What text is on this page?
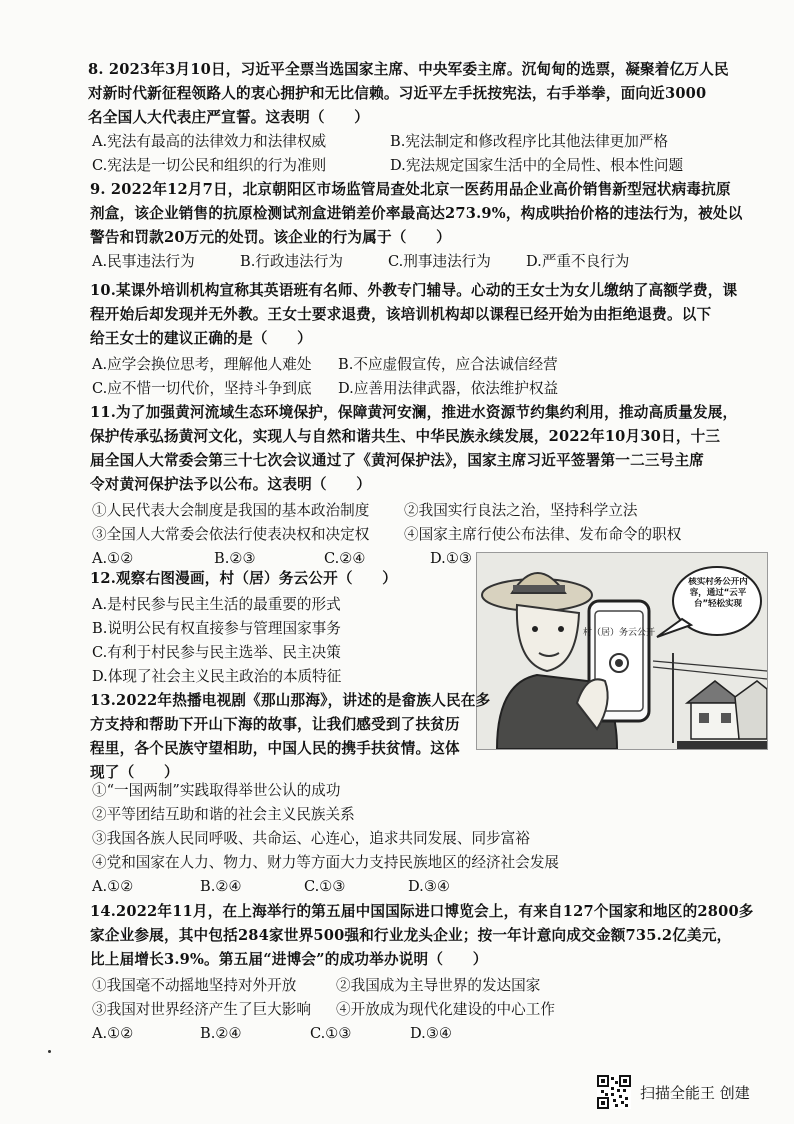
8. 2023年3月10日，习近平全票当选国家主席、中央军委主席。沉甸甸的选票，凝聚着亿万人民
对新时代新征程领路人的衷心拥护和无比信赖。习近平左手抚按宪法，右手举拳，面向近3000
名全国人大代表庄严宣誓。这表明（　　）
A.宪法有最高的法律效力和法律权威	B.宪法制定和修改程序比其他法律更加严格
C.宪法是一切公民和组织的行为准则	D.宪法规定国家生活中的全局性、根本性问题
9. 2022年12月7日，北京朝阳区市场监管局查处北京一医药用品企业高价销售新型冠状病毒抗原
剂盒，该企业销售的抗原检测试剂盒进销差价率最高达273.9%，构成哄抬价格的违法行为，被处以
警告和罚款20万元的处罚。该企业的行为属于（　　）
A.民事违法行为	B.行政违法行为	C.刑事违法行为 D.严重不良行为
10.某课外培训机构宣称其英语班有名师、外教专门辅导。心动的王女士为女儿缴纳了高额学费，课
程开始后却发现并无外教。王女士要求退费，该培训机构却以课程已经开始为由拒绝退费。以下
给王女士的建议正确的是（　　）
A.应学会换位思考，理解他人难处 B.不应虚假宣传，应合法诚信经营
C.应不惜一切代价，坚持斗争到底 D.应善用法律武器，依法维护权益
11.为了加强黄河流域生态环境保护，保障黄河安澜，推进水资源节约集约利用，推动高质量发展，
保护传承弘扬黄河文化，实现人与自然和谐共生、中华民族永续发展，2022年10月30日，十三
届全国人大常委会第三十七次会议通过了《黄河保护法》，国家主席习近平签署第一二三号主席
令对黄河保护法予以公布。这表明（　　）
①人民代表大会制度是我国的基本政治制度 ②我国实行良法之治，坚持科学立法
③全国人大常委会依法行使表决权和决定权 ④国家主席行使公布法律、发布命令的职权
A.①②	B.②③	C.②④	D.①③
12.观察右图漫画，村（居）务云公开（　　）
A.是村民参与民主生活的最重要的形式
B.说明公民有权直接参与管理国家事务
C.有利于村民参与民主选举、民主决策
D.体现了社会主义民主政治的本质特征
村（居）务云公开
核实村务公开内容，通过“云平台”轻松实现
13.2022年热播电视剧《那山那海》，讲述的是畲族人民在多
方支持和帮助下开山下海的故事，让我们感受到了扶贫历
程里，各个民族守望相助，中国人民的携手扶贫情。这体
现了（　　）
①“一国两制”实践取得举世公认的成功
②平等团结互助和谐的社会主义民族关系
③我国各族人民同呼吸、共命运、心连心，追求共同发展、同步富裕
④党和国家在人力、物力、财力等方面大力支持民族地区的经济社会发展
A.①②	B.②④	C.①③	D.③④
14.2022年11月，在上海举行的第五届中国国际进口博览会上，有来自127个国家和地区的2800多
家企业参展，其中包括284家世界500强和行业龙头企业；按一年计意向成交金额735.2亿美元，
比上届增长3.9%。第五届“进博会”的成功举办说明（　　）
①我国毫不动摇地坚持对外开放	②我国成为主导世界的发达国家
③我国对世界经济产生了巨大影响 ④开放成为现代化建设的中心工作
A.①②	B.②④	C.①③	D.③④
扫描全能王 创建
